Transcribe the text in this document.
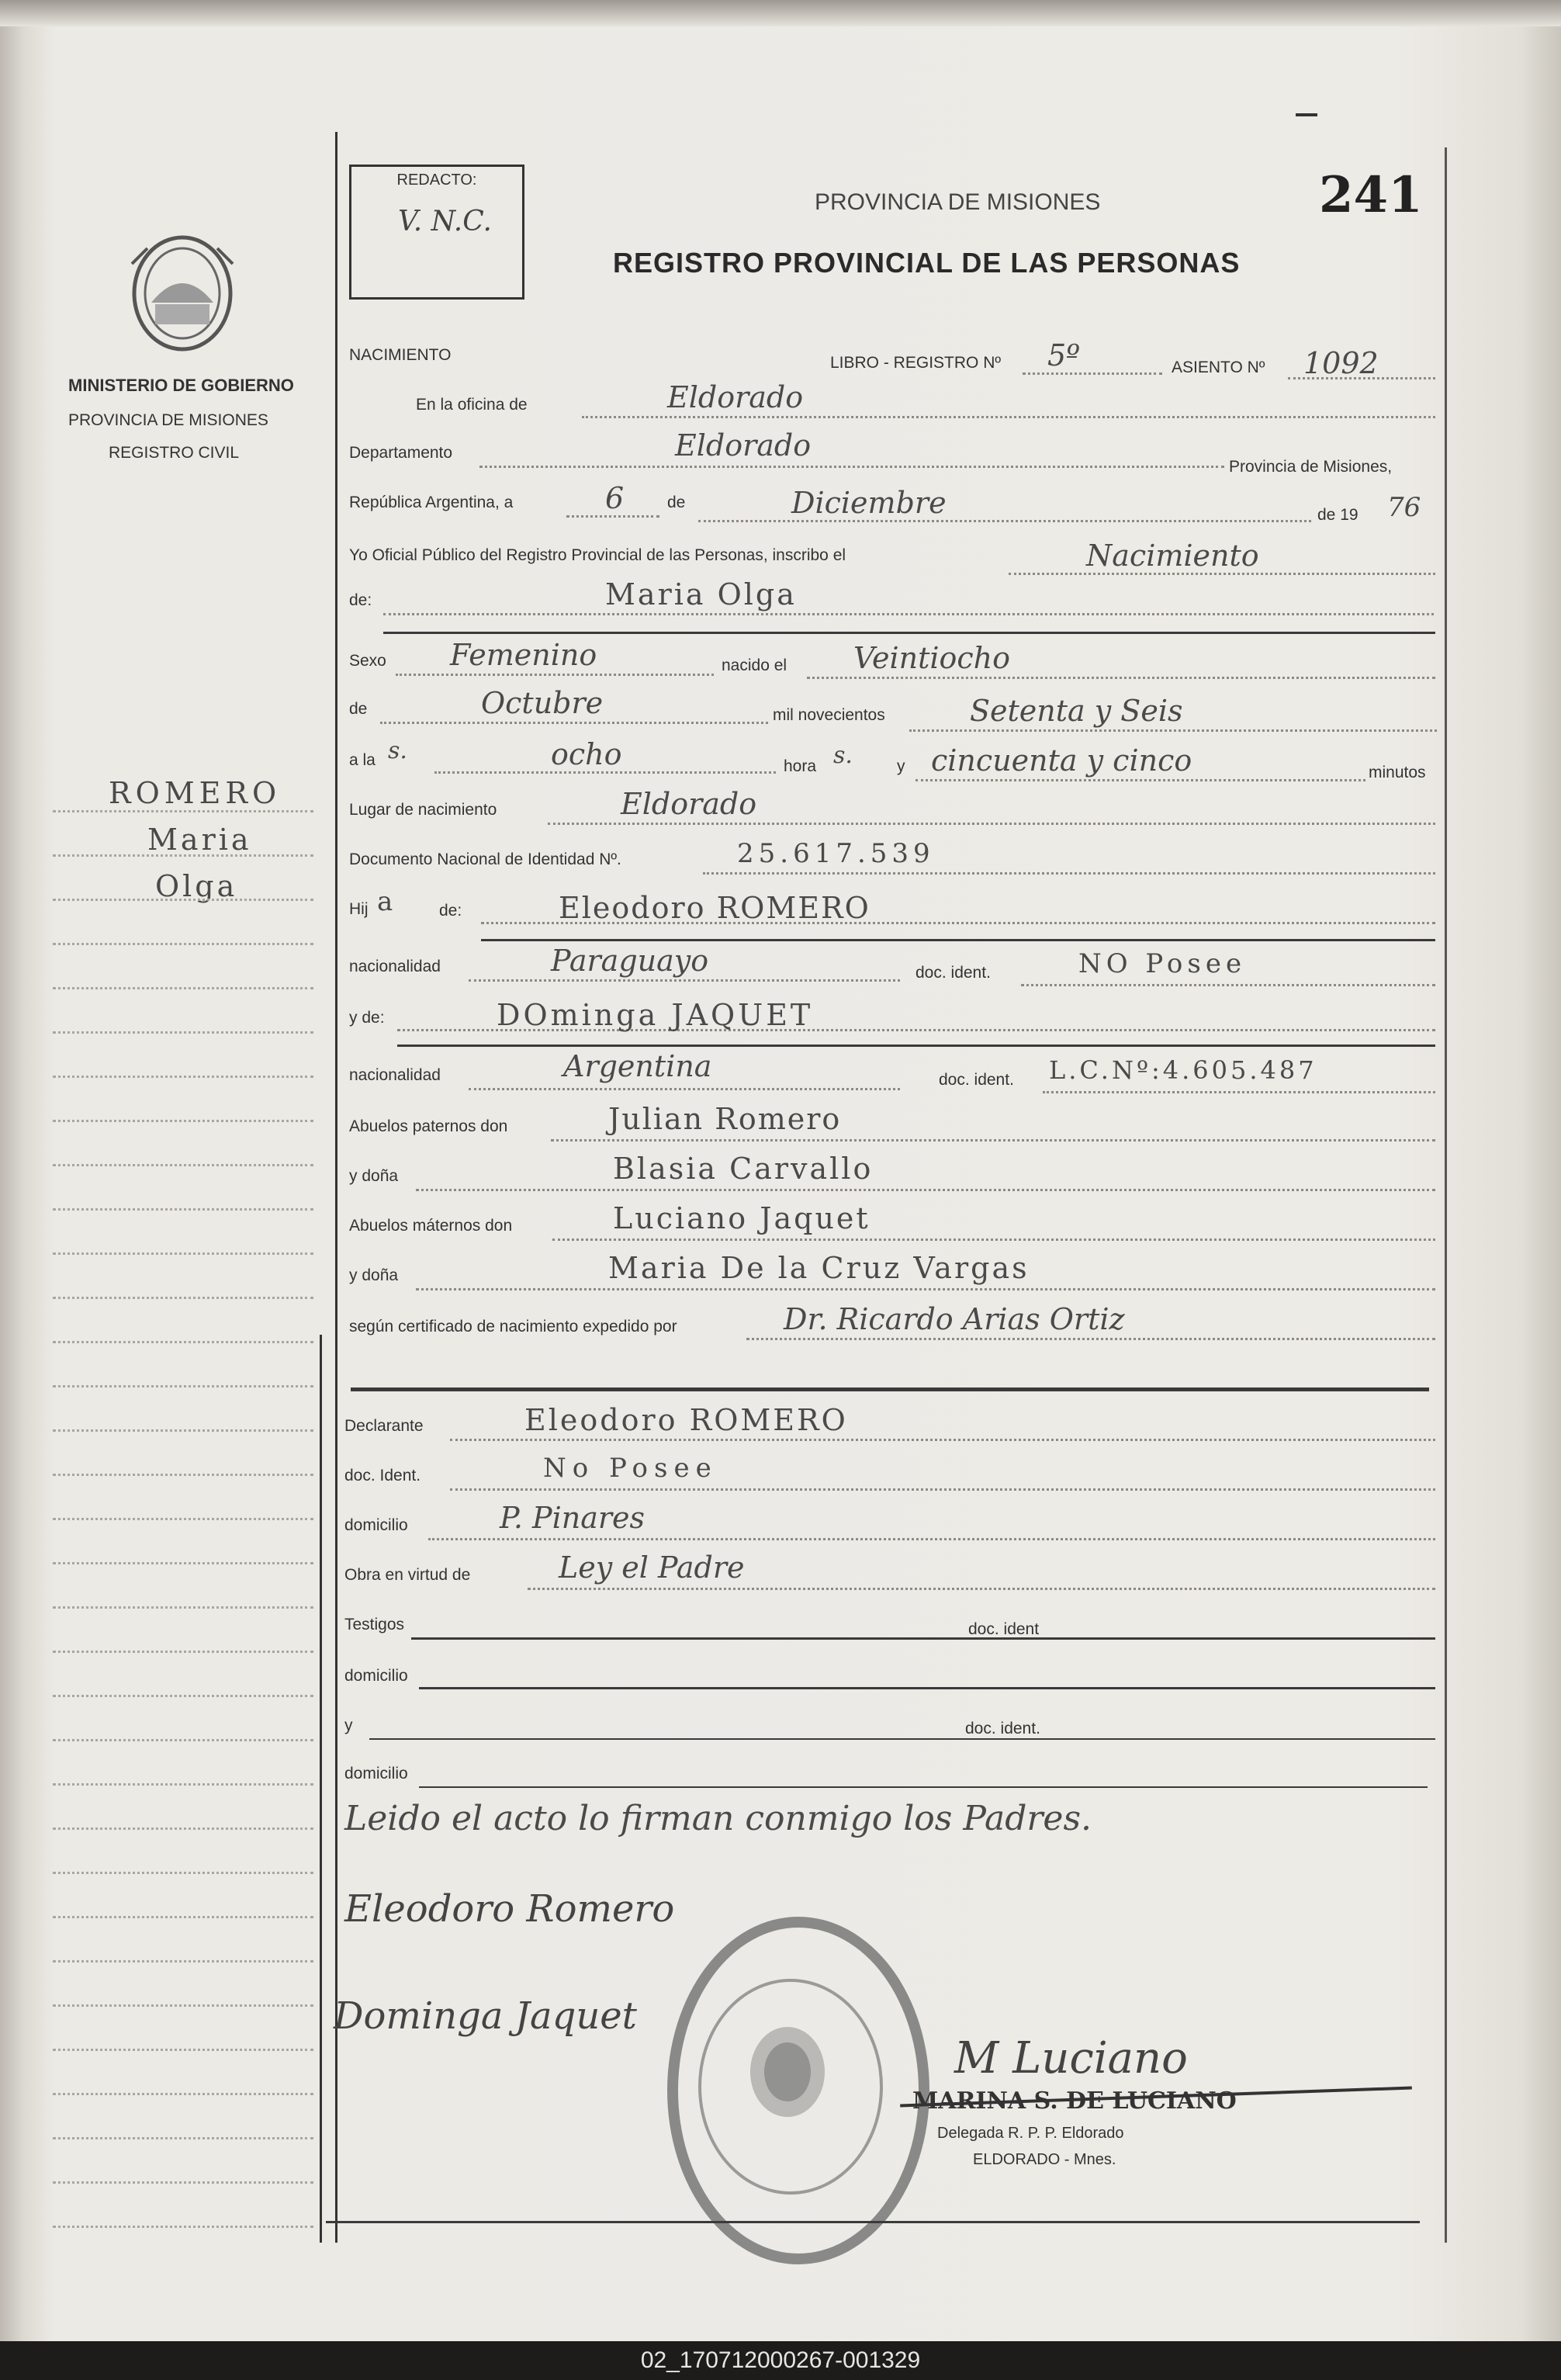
MINISTERIO DE GOBIERNO
PROVINCIA DE MISIONES
REGISTRO CIVIL
ROMERO
Maria
Olga
REDACTO:
V. N.C.
PROVINCIA DE MISIONES
REGISTRO PROVINCIAL DE LAS PERSONAS
241
NACIMIENTO	LIBRO - REGISTRO Nº 5º	ASIENTO Nº 1092
En la oficina de	Eldorado
Departamento	Eldorado
Provincia de Misiones,
República Argentina, a	6	de	Diciembre	de 19 76
Yo Oficial Público del Registro Provincial de las Personas, inscribo el	Nacimiento
de:	Maria Olga
Sexo Femenino	nacido el Veintiocho
de	Octubre	mil novecientos	Setenta y Seis
a la s.	ocho	hora s.	y cincuenta y cinco	minutos
Lugar de nacimiento	Eldorado
Documento Nacional de Identidad Nº.	25.617.539
Hij a	de:	Eleodoro ROMERO
nacionalidad	Paraguayo	doc. ident.	NO Posee
y de:	DOminga JAQUET
nacionalidad	Argentina	doc. ident. L.C.Nº:4.605.487
Abuelos paternos don	Julian Romero
y doña	Blasia Carvallo
Abuelos máternos don	Luciano Jaquet
y doña	Maria De la Cruz Vargas
según certificado de nacimiento expedido por	Dr. Ricardo Arias Ortiz
Declarante	Eleodoro ROMERO
doc. Ident.	No Posee
domicilio	P. Pinares
Obra en virtud de	Ley el Padre
Testigos	doc. ident
domicilio
y	doc. ident.
domicilio
Leido el acto lo firman conmigo los Padres.
Eleodoro Romero
Dominga Jaquet
M Luciano
MARINA S. DE LUCIANO
Delegada R. P. P. Eldorado
ELDORADO - Mnes.
02_170712000267-001329
